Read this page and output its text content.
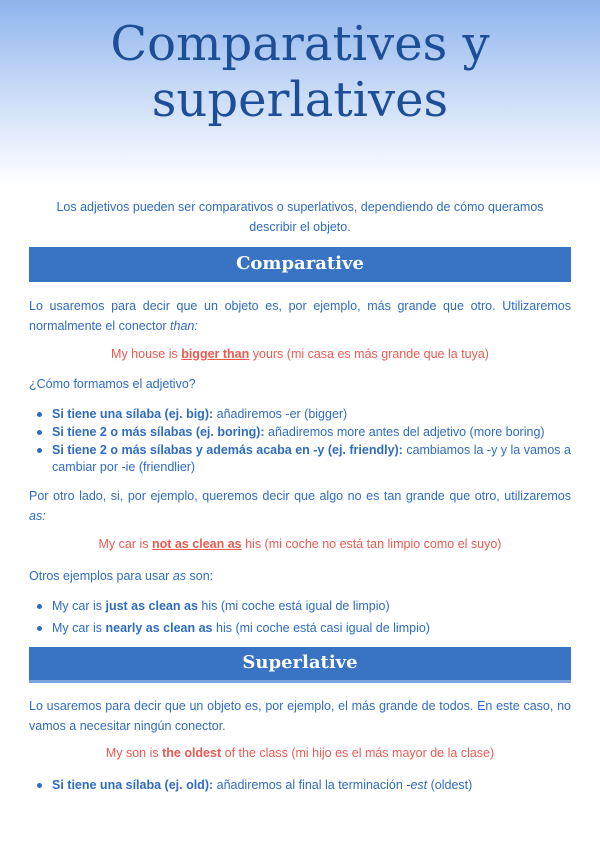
Comparatives y
superlatives

Los adjetivos pueden ser comparativos o superlativos, dependiendo de cómo queramos describir el objeto.

Comparative

Lo usaremos para decir que un objeto es, por ejemplo, más grande que otro. Utilizaremos normalmente el conector than:

My house is bigger than yours (mi casa es más grande que la tuya)

¿Cómo formamos el adjetivo?

Si tiene una sílaba (ej. big): añadiremos -er (bigger)
Si tiene 2 o más sílabas (ej. boring): añadiremos more antes del adjetivo (more boring)
Si tiene 2 o más sílabas y además acaba en -y (ej. friendly): cambiamos la -y y la vamos a cambiar por -ie (friendlier)

Por otro lado, si, por ejemplo, queremos decir que algo no es tan grande que otro, utilizaremos as:

My car is not as clean as his (mi coche no está tan limpio como el suyo)

Otros ejemplos para usar as son:

My car is just as clean as his (mi coche está igual de limpio)
My car is nearly as clean as his (mi coche está casi igual de limpio)
Superlative

Lo usaremos para decir que un objeto es, por ejemplo, el más grande de todos. En este caso, no vamos a necesitar ningún conector.

My son is the oldest of the class (mi hijo es el más mayor de la clase)

Si tiene una sílaba (ej. old): añadiremos al final la terminación -est (oldest)
